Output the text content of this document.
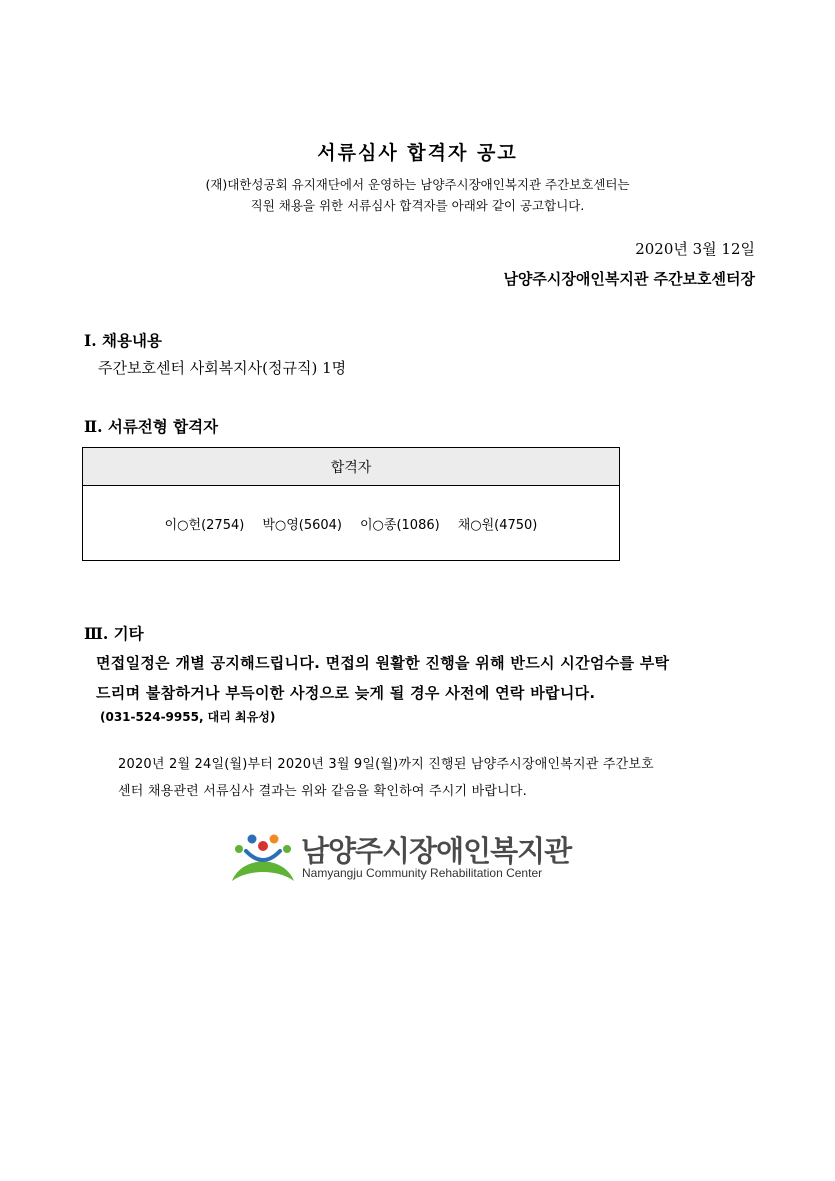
서류심사 합격자 공고
(재)대한성공회 유지재단에서 운영하는 남양주시장애인복지관 주간보호센터는
직원 채용을 위한 서류심사 합격자를 아래와 같이 공고합니다.
2020년 3월 12일
남양주시장애인복지관 주간보호센터장
Ⅰ. 채용내용
주간보호센터 사회복지사(정규직) 1명
Ⅱ. 서류전형 합격자
합격자
이○헌(2754) 박○영(5604) 이○종(1086) 채○원(4750)
Ⅲ. 기타
면접일정은 개별 공지해드립니다. 면접의 원활한 진행을 위해 반드시 시간엄수를 부탁
드리며 불참하거나 부득이한 사정으로 늦게 될 경우 사전에 연락 바랍니다.
(031-524-9955, 대리 최유성)
2020년 2월 24일(월)부터 2020년 3월 9일(월)까지 진행된 남양주시장애인복지관 주간보호
센터 채용관련 서류심사 결과는 위와 같음을 확인하여 주시기 바랍니다.
남양주시장애인복지관
Namyangju Community Rehabilitation Center
